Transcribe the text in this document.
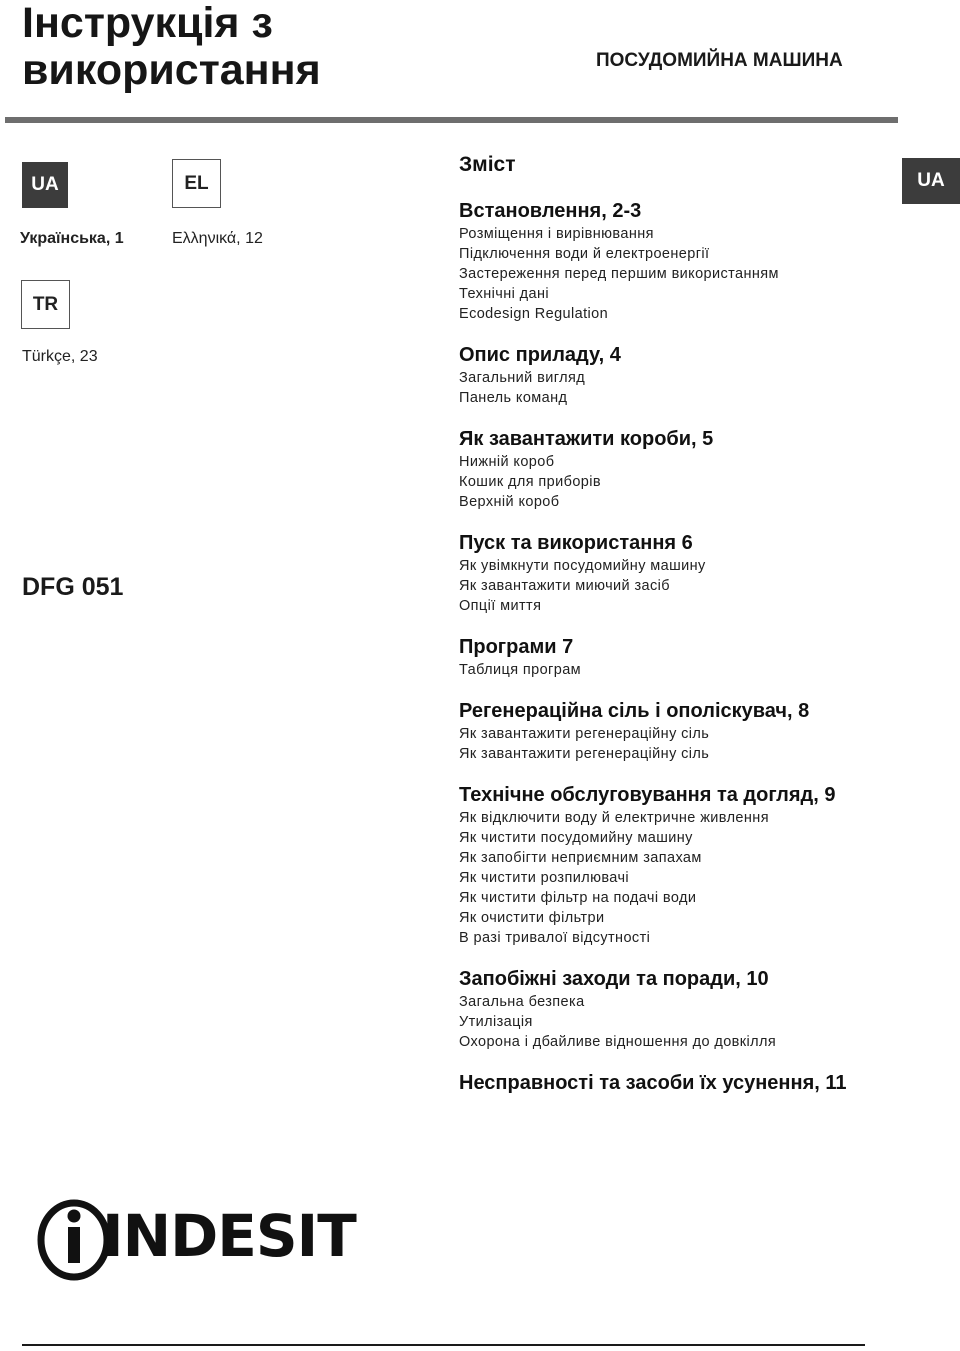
Інструкція з
використання	ПОСУДОМИЙНА МАШИНА
UA
Українська, 1
EL
Ελληνικά, 12
TR
Türkçe, 23
UA
DFG 051
Зміст
Встановлення, 2-3
Розміщення і вирівнювання
Підключення води й електроенергії
Застереження перед першим використанням
Технічні дані
Ecodesign Regulation
Опис приладу, 4
Загальний вигляд
Панель команд
Як завантажити короби, 5
Нижній короб
Кошик для приборів
Верхній короб
Пуск та використання 6
Як увімкнути посудомийну машину
Як завантажити миючий засіб
Опції миття
Програми 7
Таблиця програм
Регенераційна сіль і ополіскувач, 8
Як завантажити регенераційну сіль
Як завантажити регенераційну сіль
Технічне обслуговування та догляд, 9
Як відключити воду й електричне живлення
Як чистити посудомийну машину
Як запобігти неприємним запахам
Як чистити розпилювачі
Як чистити фільтр на подачі води
Як очистити фільтри
В разі тривалої відсутності
Запобіжні заходи та поради, 10
Загальна безпека
Утилізація
Охорона і дбайливе відношення до довкілля
Несправності та засоби їх усунення, 11
INDESIT
